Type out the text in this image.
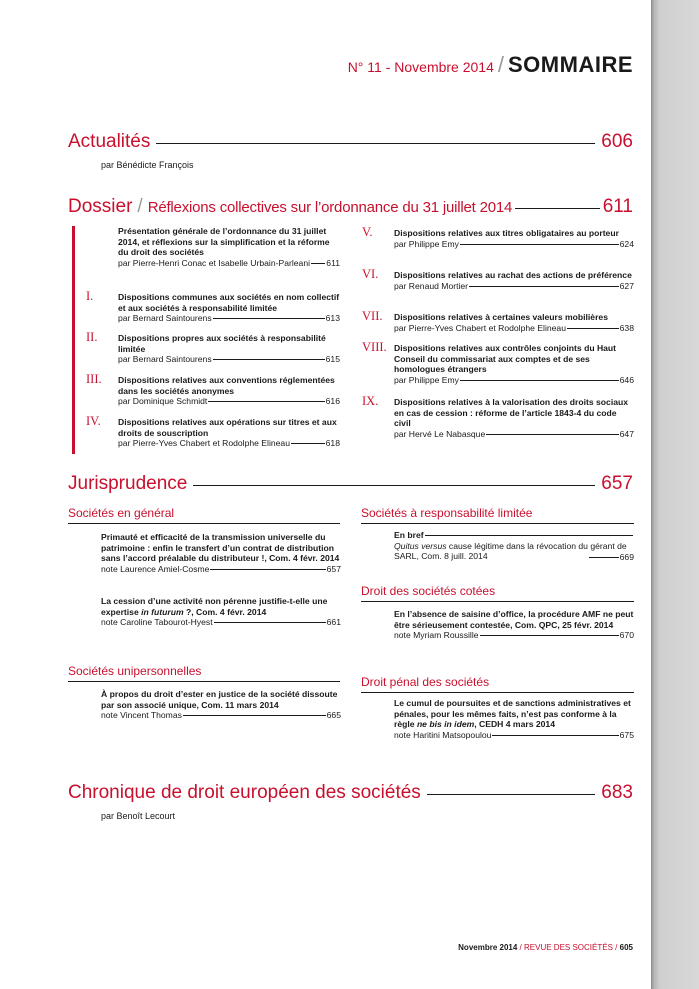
N° 11 - Novembre 2014 / SOMMAIRE
Actualités	606
par Bénédicte François
Dossier / Réflexions collectives sur l’ordonnance du 31 juillet 2014	611
Présentation générale de l’ordonnance du 31 juillet 2014, et réflexions sur la simplification et la réforme du droit des sociétés
par Pierre-Henri Conac et Isabelle Urbain-Parleani 611
I.	Dispositions communes aux sociétés en nom collectif et aux sociétés à responsabilité limitée
par Bernard Saintourens	613
II. Dispositions propres aux sociétés à responsabilité limitée
par Bernard Saintourens	615
III. Dispositions relatives aux conventions réglementées dans les sociétés anonymes
par Dominique Schmidt	616
IV. Dispositions relatives aux opérations sur titres et aux droits de souscription
par Pierre-Yves Chabert et Rodolphe Elineau	618
V. Dispositions relatives aux titres obligataires au porteur
par Philippe Emy	624
VI. Dispositions relatives au rachat des actions de préférence
par Renaud Mortier	627
VII. Dispositions relatives à certaines valeurs mobilières
par Pierre-Yves Chabert et Rodolphe Elineau	638
VIII. Dispositions relatives aux contrôles conjoints du Haut Conseil du commissariat aux comptes et de ses homologues étrangers
par Philippe Emy	646
IX. Dispositions relatives à la valorisation des droits sociaux en cas de cession : réforme de l’article 1843-4 du code civil
par Hervé Le Nabasque	647
Jurisprudence	657
Sociétés en général
Primauté et efficacité de la transmission universelle du patrimoine : enfin le transfert d’un contrat de distribution sans l’accord préalable du distributeur !, Com. 4 févr. 2014
note Laurence Amiel-Cosme	657
La cession d’une activité non pérenne justifie-t-elle une expertise in futurum ?, Com. 4 févr. 2014
note Caroline Tabourot-Hyest	661
Sociétés unipersonnelles
À propos du droit d’ester en justice de la société dissoute par son associé unique, Com. 11 mars 2014
note Vincent Thomas	665
Sociétés à responsabilité limitée
En bref
Quitus versus cause légitime dans la révocation du gérant de SARL, Com. 8 juill. 2014	669
Droit des sociétés cotées
En l’absence de saisine d’office, la procédure AMF ne peut être sérieusement contestée, Com. QPC, 25 févr. 2014
note Myriam Roussille	670
Droit pénal des sociétés
Le cumul de poursuites et de sanctions administratives et pénales, pour les mêmes faits, n’est pas conforme à la règle ne bis in idem, CEDH 4 mars 2014
note Haritini Matsopoulou	675
Chronique de droit européen des sociétés	683
par Benoît Lecourt
Novembre 2014 / REVUE DES SOCIÉTÉS / 605
